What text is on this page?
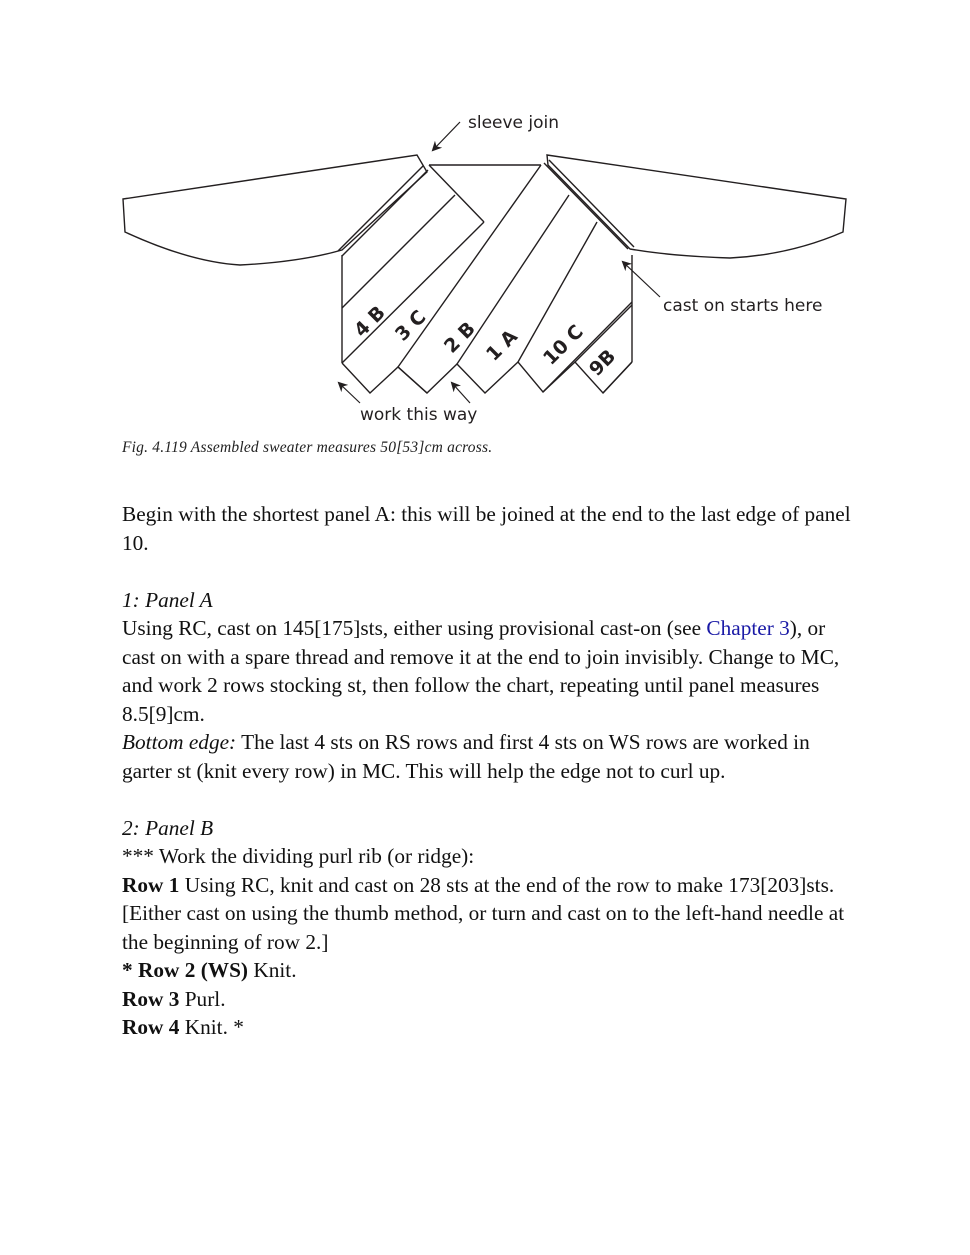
sleeve join
cast on starts here
work this way
4 B 3 C 2 B 1 A 10 C
9B
Fig. 4.119 Assembled sweater measures 50[53]cm across.

Begin with the shortest panel A: this will be joined at the end to the last edge of panel 10.

1: Panel A

Using RC, cast on 145[175]sts, either using provisional cast-on (see Chapter 3), or cast on with a spare thread and remove it at the end to join invisibly. Change to MC, and work 2 rows stocking st, then follow the chart, repeating until panel measures 8.5[9]cm.

Bottom edge: The last 4 sts on RS rows and first 4 sts on WS rows are worked in garter st (knit every row) in MC. This will help the edge not to curl up.

2: Panel B

*** Work the dividing purl rib (or ridge):

Row 1 Using RC, knit and cast on 28 sts at the end of the row to make 173[203]sts.

[Either cast on using the thumb method, or turn and cast on to the left-hand needle at the beginning of row 2.]

* Row 2 (WS) Knit.

Row 3 Purl.

Row 4 Knit. *
